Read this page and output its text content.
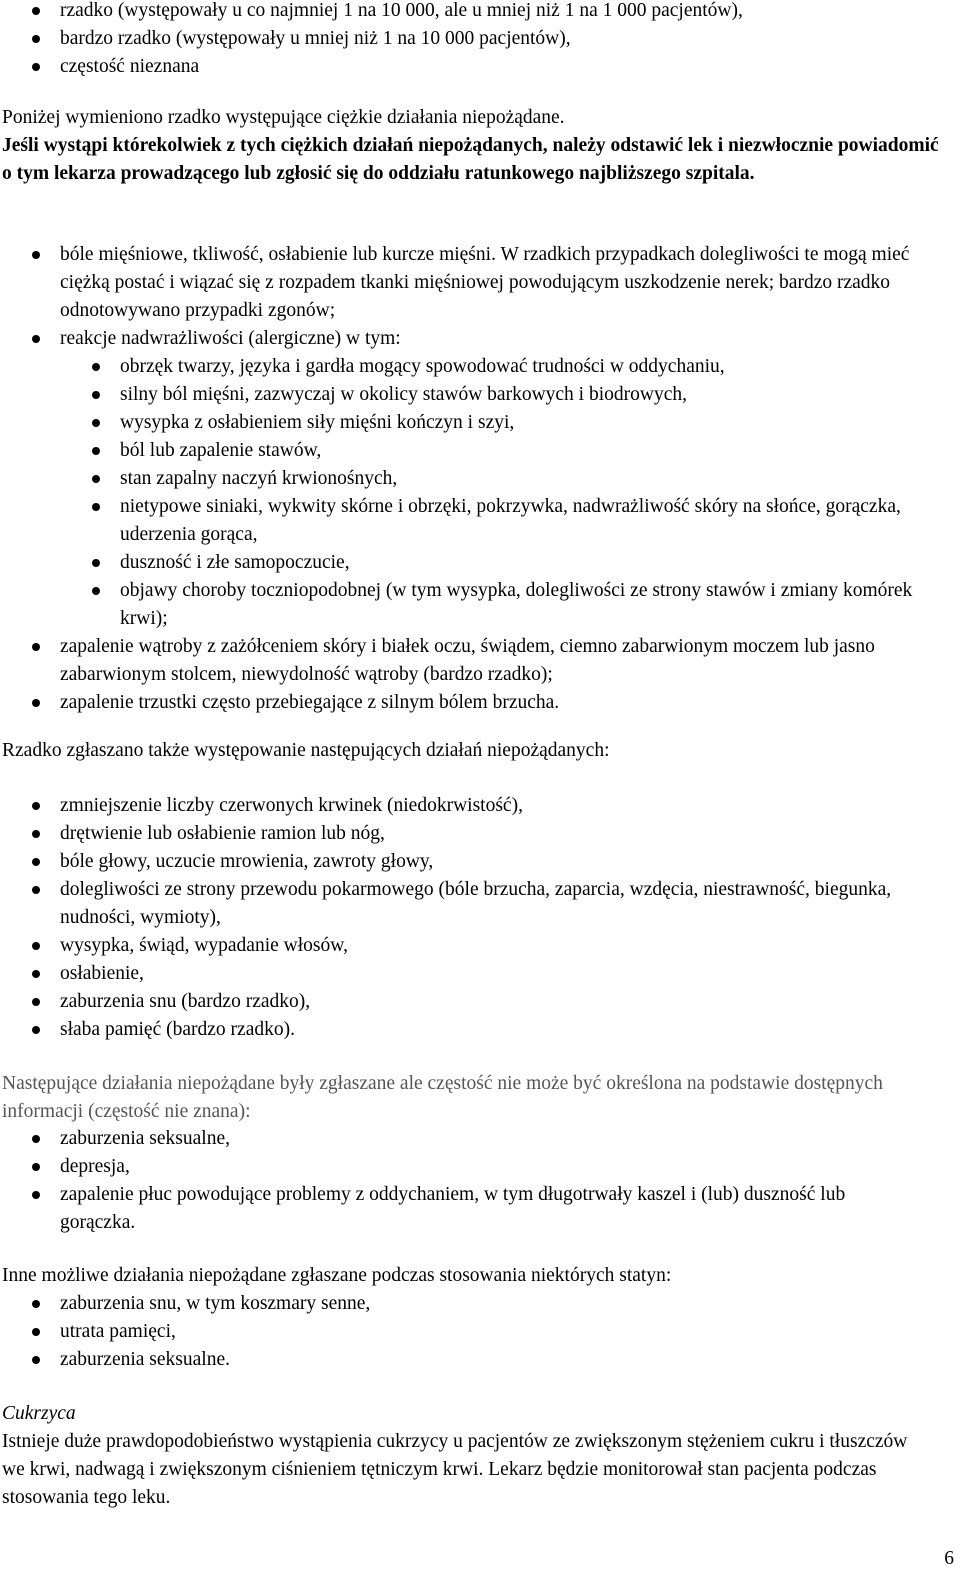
rzadko (występowały u co najmniej 1 na 10 000, ale u mniej niż 1 na 1 000 pacjentów),
bardzo rzadko (występowały u mniej niż 1 na 10 000 pacjentów),
częstość nieznana

Poniżej wymieniono rzadko występujące ciężkie działania niepożądane.

Jeśli wystąpi którekolwiek z tych ciężkich działań niepożądanych, należy odstawić lek i niezwłocznie powiadomić o tym lekarza prowadzącego lub zgłosić się do oddziału ratunkowego najbliższego szpitala.

bóle mięśniowe, tkliwość, osłabienie lub kurcze mięśni. W rzadkich przypadkach dolegliwości te mogą mieć ciężką postać i wiązać się z rozpadem tkanki mięśniowej powodującym uszkodzenie nerek; bardzo rzadko odnotowywano przypadki zgonów;
reakcje nadwrażliwości (alergiczne) w tym:
obrzęk twarzy, języka i gardła mogący spowodować trudności w oddychaniu,
silny ból mięśni, zazwyczaj w okolicy stawów barkowych i biodrowych,
wysypka z osłabieniem siły mięśni kończyn i szyi,
ból lub zapalenie stawów,
stan zapalny naczyń krwionośnych,
nietypowe siniaki, wykwity skórne i obrzęki, pokrzywka, nadwrażliwość skóry na słońce, gorączka, uderzenia gorąca,
duszność i złe samopoczucie,
objawy choroby toczniopodobnej (w tym wysypka, dolegliwości ze strony stawów i zmiany komórek krwi);
zapalenie wątroby z zażółceniem skóry i białek oczu, świądem, ciemno zabarwionym moczem lub jasno zabarwionym stolcem, niewydolność wątroby (bardzo rzadko);
zapalenie trzustki często przebiegające z silnym bólem brzucha.

Rzadko zgłaszano także występowanie następujących działań niepożądanych:

zmniejszenie liczby czerwonych krwinek (niedokrwistość),
drętwienie lub osłabienie ramion lub nóg,
bóle głowy, uczucie mrowienia, zawroty głowy,
dolegliwości ze strony przewodu pokarmowego (bóle brzucha, zaparcia, wzdęcia, niestrawność, biegunka, nudności, wymioty),
wysypka, świąd, wypadanie włosów,
osłabienie,
zaburzenia snu (bardzo rzadko),
słaba pamięć (bardzo rzadko).

Następujące działania niepożądane były zgłaszane ale częstość nie może być określona na podstawie dostępnych informacji (częstość nie znana):

zaburzenia seksualne,
depresja,
zapalenie płuc powodujące problemy z oddychaniem, w tym długotrwały kaszel i (lub) duszność lub gorączka.

Inne możliwe działania niepożądane zgłaszane podczas stosowania niektórych statyn:

zaburzenia snu, w tym koszmary senne,
utrata pamięci,
zaburzenia seksualne.

Cukrzyca

Istnieje duże prawdopodobieństwo wystąpienia cukrzycy u pacjentów ze zwiększonym stężeniem cukru i tłuszczów we krwi, nadwagą i zwiększonym ciśnieniem tętniczym krwi. Lekarz będzie monitorował stan pacjenta podczas stosowania tego leku.

6
